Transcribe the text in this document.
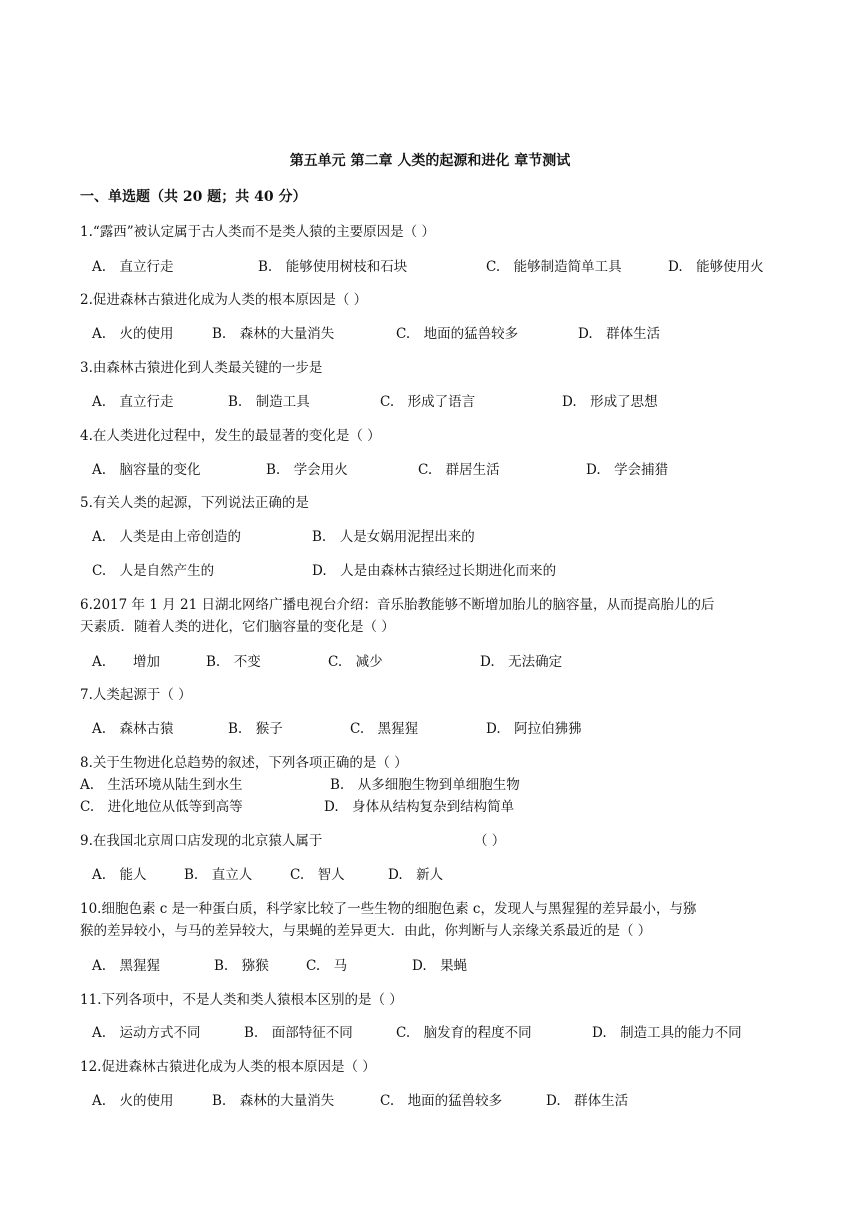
第五单元 第二章 人类的起源和进化 章节测试
一、单选题（共 20 题；共 40 分）
1.“露西”被认定属于古人类而不是类人猿的主要原因是（ ）
A.　直立行走	B.　能够使用树枝和石块	C.　能够制造简单工具	D.　能够使用火
2.促进森林古猿进化成为人类的根本原因是（ ）
A.　火的使用	B.　森林的大量消失	C.　地面的猛兽较多	D.　群体生活
3.由森林古猿进化到人类最关键的一步是
A.　直立行走	B.　制造工具	C.　形成了语言	D.　形成了思想
4.在人类进化过程中，发生的最显著的变化是（ ）
A.　脑容量的变化	B.　学会用火	C.　群居生活	D.　学会捕猎
5.有关人类的起源，下列说法正确的是
A.　人类是由上帝创造的	B.　人是女娲用泥捏出来的
C.　人是自然产生的	D.　人是由森林古猿经过长期进化而来的
6.2017 年 1 月 21 日湖北网络广播电视台介绍：音乐胎教能够不断增加胎儿的脑容量，从而提高胎儿的后
天素质．随着人类的进化，它们脑容量的变化是（ ）
A.　　增加	B.　不变	C.　减少	D.　无法确定
7.人类起源于（ ）
A.　森林古猿	B.　猴子	C.　黑猩猩	D.　阿拉伯狒狒
8.关于生物进化总趋势的叙述，下列各项正确的是（ ）
A.　生活环境从陆生到水生	B.　从多细胞生物到单细胞生物
C.　进化地位从低等到高等	D.　身体从结构复杂到结构简单
9.在我国北京周口店发现的北京猿人属于	（ ）
A.　能人	B.　直立人	C.　智人	D.　新人
10.细胞色素 c 是一种蛋白质，科学家比较了一些生物的细胞色素 c，发现人与黑猩猩的差异最小，与猕
猴的差异较小，与马的差异较大，与果蝇的差异更大．由此，你判断与人亲缘关系最近的是（ ）
A.　黑猩猩	B.　猕猴	C.　马	D.　果蝇
11.下列各项中，不是人类和类人猿根本区别的是（ ）
A.　运动方式不同	B.　面部特征不同	C.　脑发育的程度不同	D.　制造工具的能力不同
12.促进森林古猿进化成为人类的根本原因是（ ）
A.　火的使用	B.　森林的大量消失	C.　地面的猛兽较多	D.　群体生活
